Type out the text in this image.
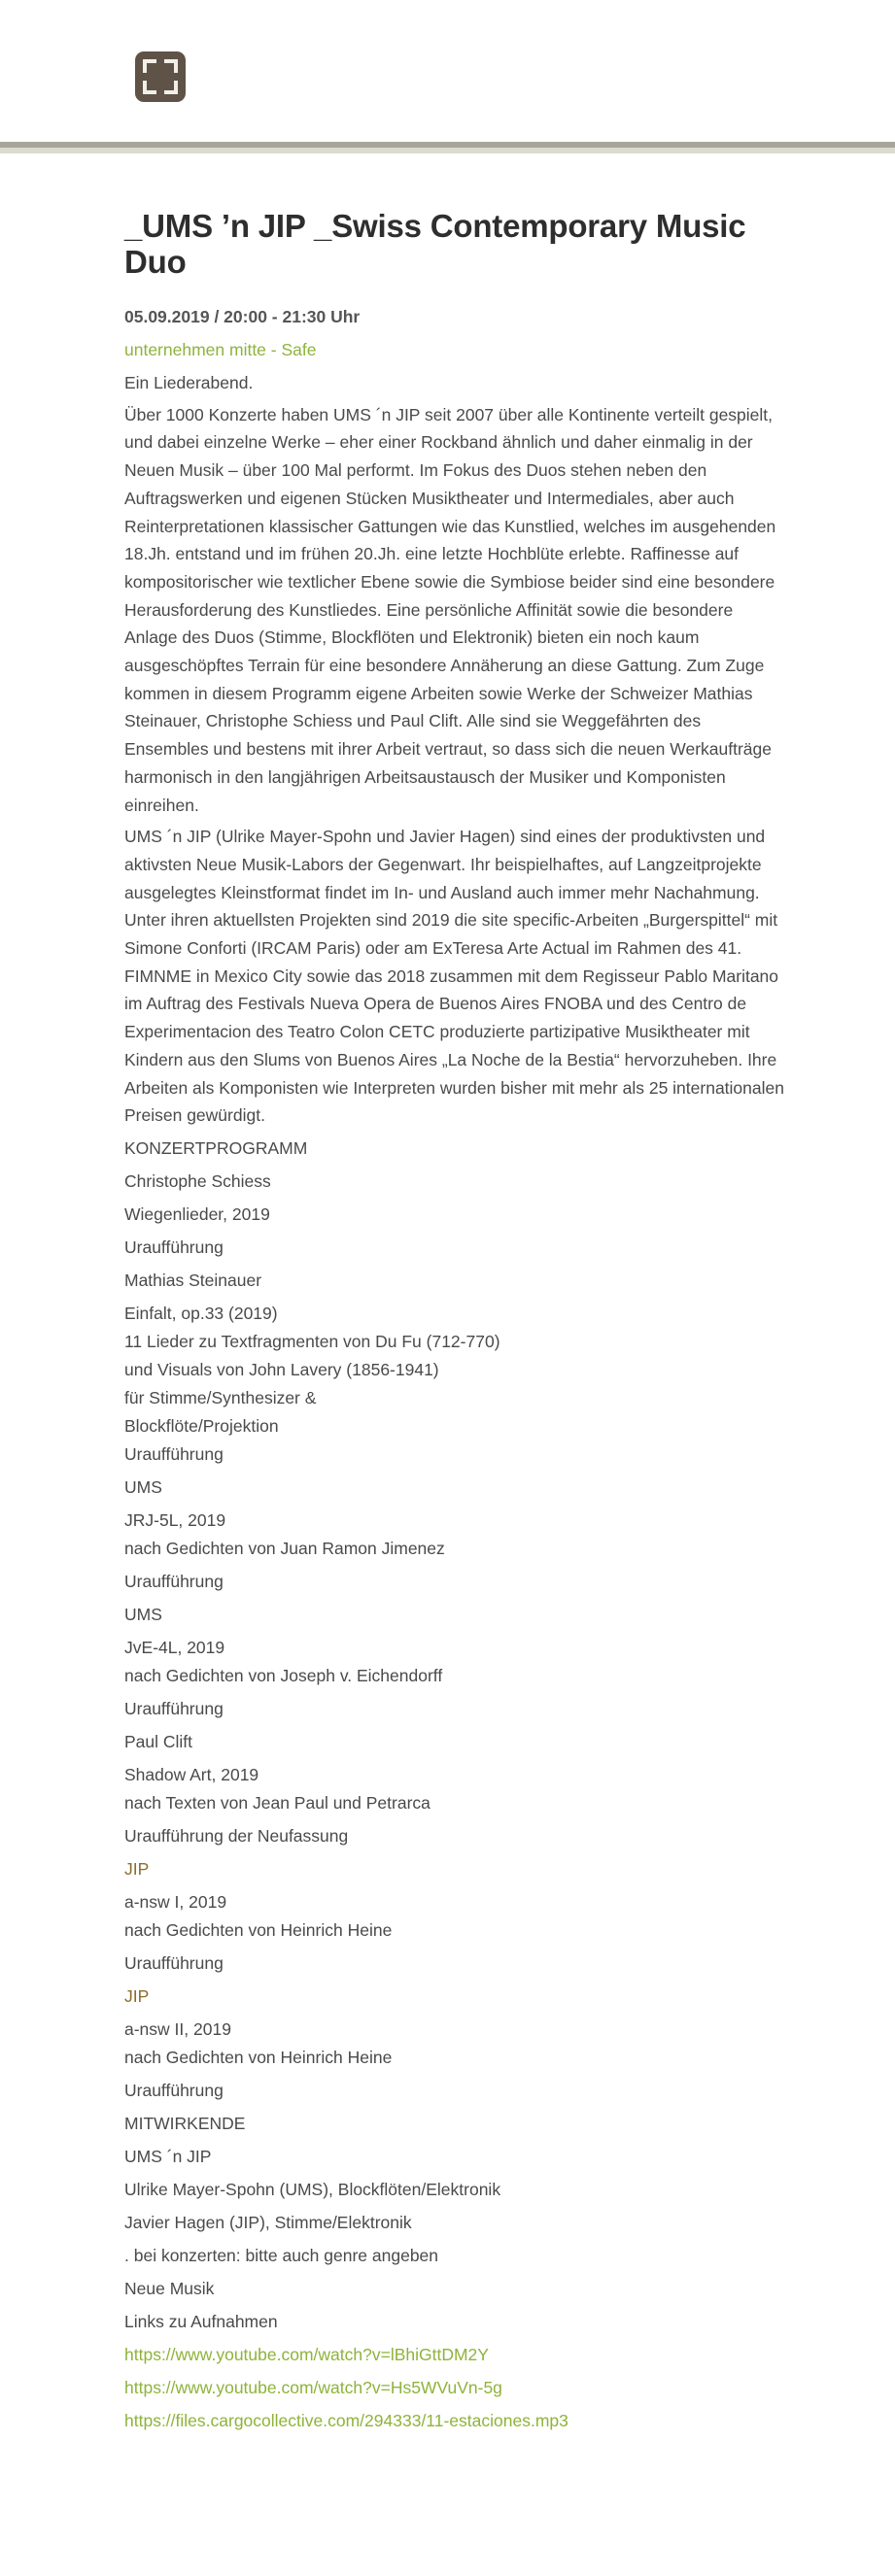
_UMS ’n JIP _Swiss Contemporary Music Duo
05.09.2019 / 20:00 - 21:30 Uhr
unternehmen mitte - Safe
Ein Liederabend.
Über 1000 Konzerte haben UMS ´n JIP seit 2007 über alle Kontinente verteilt gespielt, und dabei einzelne Werke – eher einer Rockband ähnlich und daher einmalig in der Neuen Musik – über 100 Mal performt. Im Fokus des Duos stehen neben den Auftragswerken und eigenen Stücken Musiktheater und Intermediales, aber auch Reinterpretationen klassischer Gattungen wie das Kunstlied, welches im ausgehenden 18.Jh. entstand und im frühen 20.Jh. eine letzte Hochblüte erlebte. Raffinesse auf kompositorischer wie textlicher Ebene sowie die Symbiose beider sind eine besondere Herausforderung des Kunstliedes. Eine persönliche Affinität sowie die besondere Anlage des Duos (Stimme, Blockflöten und Elektronik) bieten ein noch kaum ausgeschöpftes Terrain für eine besondere Annäherung an diese Gattung. Zum Zuge kommen in diesem Programm eigene Arbeiten sowie Werke der Schweizer Mathias Steinauer, Christophe Schiess und Paul Clift. Alle sind sie Weggefährten des Ensembles und bestens mit ihrer Arbeit vertraut, so dass sich die neuen Werkaufträge harmonisch in den langjährigen Arbeitsaustausch der Musiker und Komponisten einreihen.
UMS ´n JIP (Ulrike Mayer-Spohn und Javier Hagen) sind eines der produktivsten und aktivsten Neue Musik-Labors der Gegenwart. Ihr beispielhaftes, auf Langzeitprojekte ausgelegtes Kleinstformat findet im In- und Ausland auch immer mehr Nachahmung. Unter ihren aktuellsten Projekten sind 2019 die site specific-Arbeiten „Burgerspittel“ mit Simone Conforti (IRCAM Paris) oder am ExTeresa Arte Actual im Rahmen des 41. FIMNME in Mexico City sowie das 2018 zusammen mit dem Regisseur Pablo Maritano im Auftrag des Festivals Nueva Opera de Buenos Aires FNOBA und des Centro de Experimentacion des Teatro Colon CETC produzierte partizipative Musiktheater mit Kindern aus den Slums von Buenos Aires „La Noche de la Bestia“ hervorzuheben. Ihre Arbeiten als Komponisten wie Interpreten wurden bisher mit mehr als 25 internationalen Preisen gewürdigt.
KONZERTPROGRAMM
Christophe Schiess
Wiegenlieder, 2019
Uraufführung
Mathias Steinauer
Einfalt, op.33 (2019)
11 Lieder zu Textfragmenten von Du Fu (712-770)
und Visuals von John Lavery (1856-1941)
für Stimme/Synthesizer &
Blockflöte/Projektion
Uraufführung
UMS
JRJ-5L, 2019
nach Gedichten von Juan Ramon Jimenez
Uraufführung
UMS
JvE-4L, 2019
nach Gedichten von Joseph v. Eichendorff
Uraufführung
Paul Clift
Shadow Art, 2019
nach Texten von Jean Paul und Petrarca
Uraufführung der Neufassung
JIP
a-nsw I, 2019
nach Gedichten von Heinrich Heine
Uraufführung
JIP
a-nsw II, 2019
nach Gedichten von Heinrich Heine
Uraufführung
MITWIRKENDE
UMS ´n JIP
Ulrike Mayer-Spohn (UMS), Blockflöten/Elektronik
Javier Hagen (JIP), Stimme/Elektronik
. bei konzerten: bitte auch genre angeben
Neue Musik
Links zu Aufnahmen
https://www.youtube.com/watch?v=lBhiGttDM2Y
https://www.youtube.com/watch?v=Hs5WVuVn-5g
https://files.cargocollective.com/294333/11-estaciones.mp3
